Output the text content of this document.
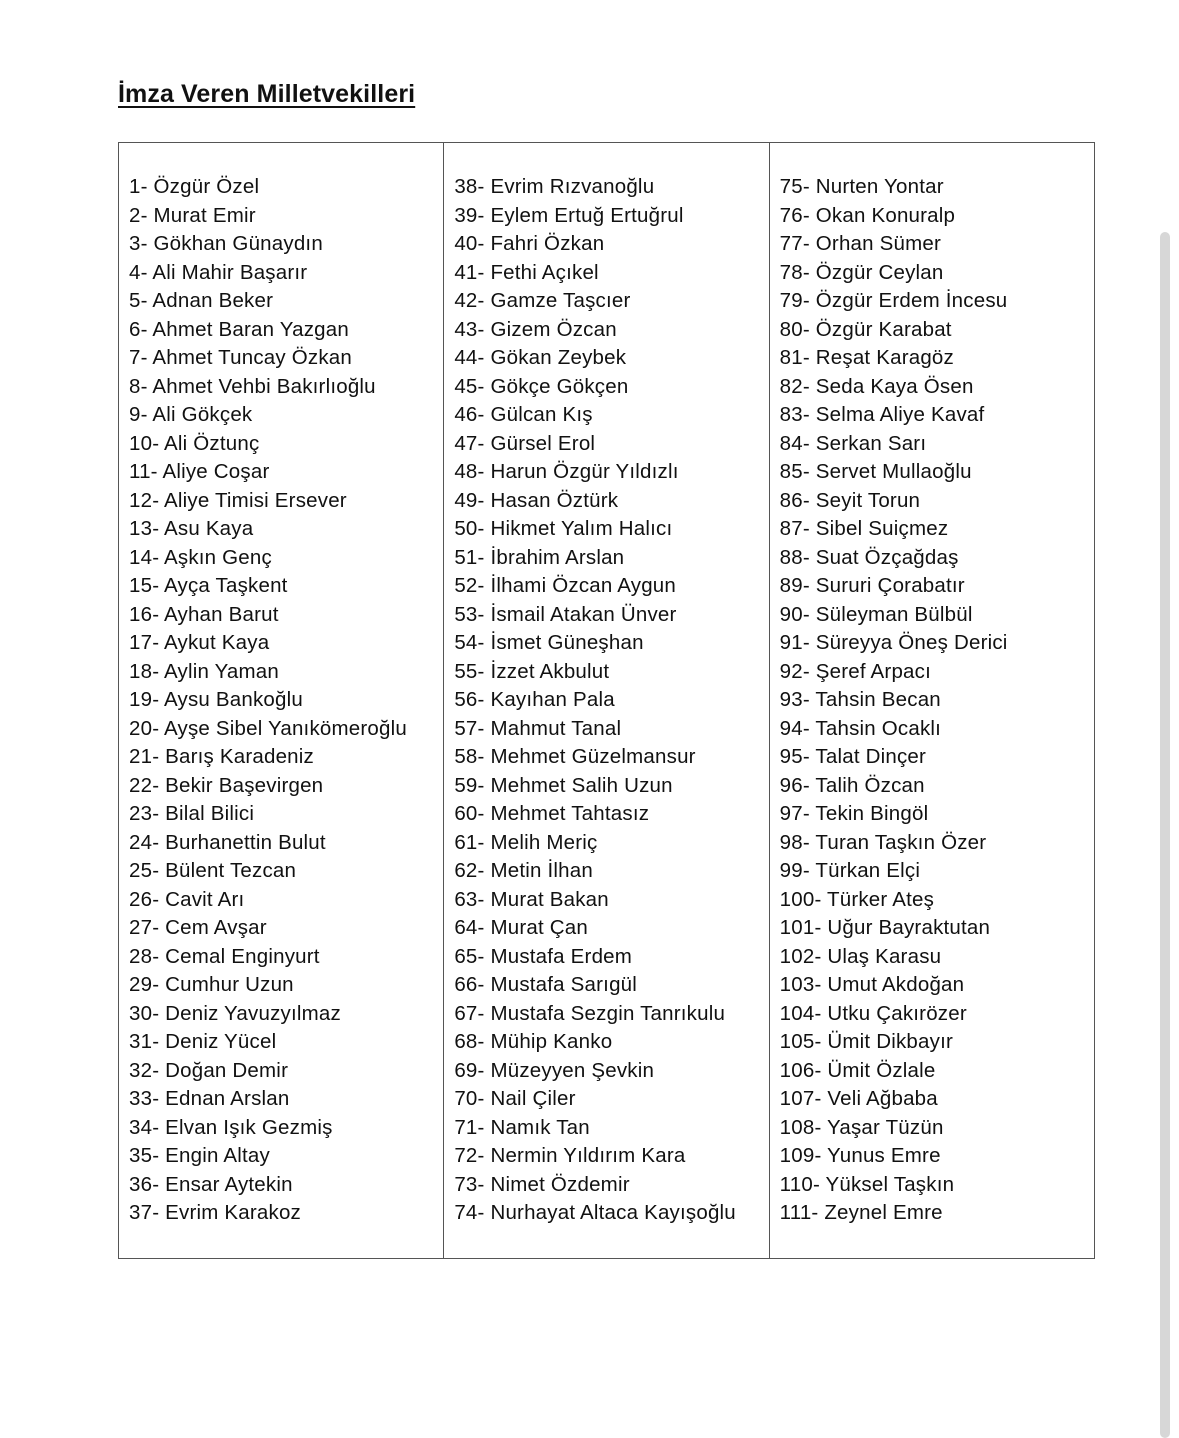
İmza Veren Milletvekilleri
1- Özgür Özel
2- Murat Emir
3- Gökhan Günaydın
4- Ali Mahir Başarır
5- Adnan Beker
6- Ahmet Baran Yazgan
7- Ahmet Tuncay Özkan
8- Ahmet Vehbi Bakırlıoğlu
9- Ali Gökçek
10- Ali Öztunç
11- Aliye Coşar
12- Aliye Timisi Ersever
13- Asu Kaya
14- Aşkın Genç
15- Ayça Taşkent
16- Ayhan Barut
17- Aykut Kaya
18- Aylin Yaman
19- Aysu Bankoğlu
20- Ayşe Sibel Yanıkömeroğlu
21- Barış Karadeniz
22- Bekir Başevirgen
23- Bilal Bilici
24- Burhanettin Bulut
25- Bülent Tezcan
26- Cavit Arı
27- Cem Avşar
28- Cemal Enginyurt
29- Cumhur Uzun
30- Deniz Yavuzyılmaz
31- Deniz Yücel
32- Doğan Demir
33- Ednan Arslan
34- Elvan Işık Gezmiş
35- Engin Altay
36- Ensar Aytekin
37- Evrim Karakoz

38- Evrim Rızvanoğlu
39- Eylem Ertuğ Ertuğrul
40- Fahri Özkan
41- Fethi Açıkel
42- Gamze Taşcıer
43- Gizem Özcan
44- Gökan Zeybek
45- Gökçe Gökçen
46- Gülcan Kış
47- Gürsel Erol
48- Harun Özgür Yıldızlı
49- Hasan Öztürk
50- Hikmet Yalım Halıcı
51- İbrahim Arslan
52- İlhami Özcan Aygun
53- İsmail Atakan Ünver
54- İsmet Güneşhan
55- İzzet Akbulut
56- Kayıhan Pala
57- Mahmut Tanal
58- Mehmet Güzelmansur
59- Mehmet Salih Uzun
60- Mehmet Tahtasız
61- Melih Meriç
62- Metin İlhan
63- Murat Bakan
64- Murat Çan
65- Mustafa Erdem
66- Mustafa Sarıgül
67- Mustafa Sezgin Tanrıkulu
68- Mühip Kanko
69- Müzeyyen Şevkin
70- Nail Çiler
71- Namık Tan
72- Nermin Yıldırım Kara
73- Nimet Özdemir
74- Nurhayat Altaca Kayışoğlu

75- Nurten Yontar
76- Okan Konuralp
77- Orhan Sümer
78- Özgür Ceylan
79- Özgür Erdem İncesu
80- Özgür Karabat
81- Reşat Karagöz
82- Seda Kaya Ösen
83- Selma Aliye Kavaf
84- Serkan Sarı
85- Servet Mullaoğlu
86- Seyit Torun
87- Sibel Suiçmez
88- Suat Özçağdaş
89- Sururi Çorabatır
90- Süleyman Bülbül
91- Süreyya Öneş Derici
92- Şeref Arpacı
93- Tahsin Becan
94- Tahsin Ocaklı
95- Talat Dinçer
96- Talih Özcan
97- Tekin Bingöl
98- Turan Taşkın Özer
99- Türkan Elçi
100- Türker Ateş
101- Uğur Bayraktutan
102- Ulaş Karasu
103- Umut Akdoğan
104- Utku Çakırözer
105- Ümit Dikbayır
106- Ümit Özlale
107- Veli Ağbaba
108- Yaşar Tüzün
109- Yunus Emre
110- Yüksel Taşkın
111- Zeynel Emre
